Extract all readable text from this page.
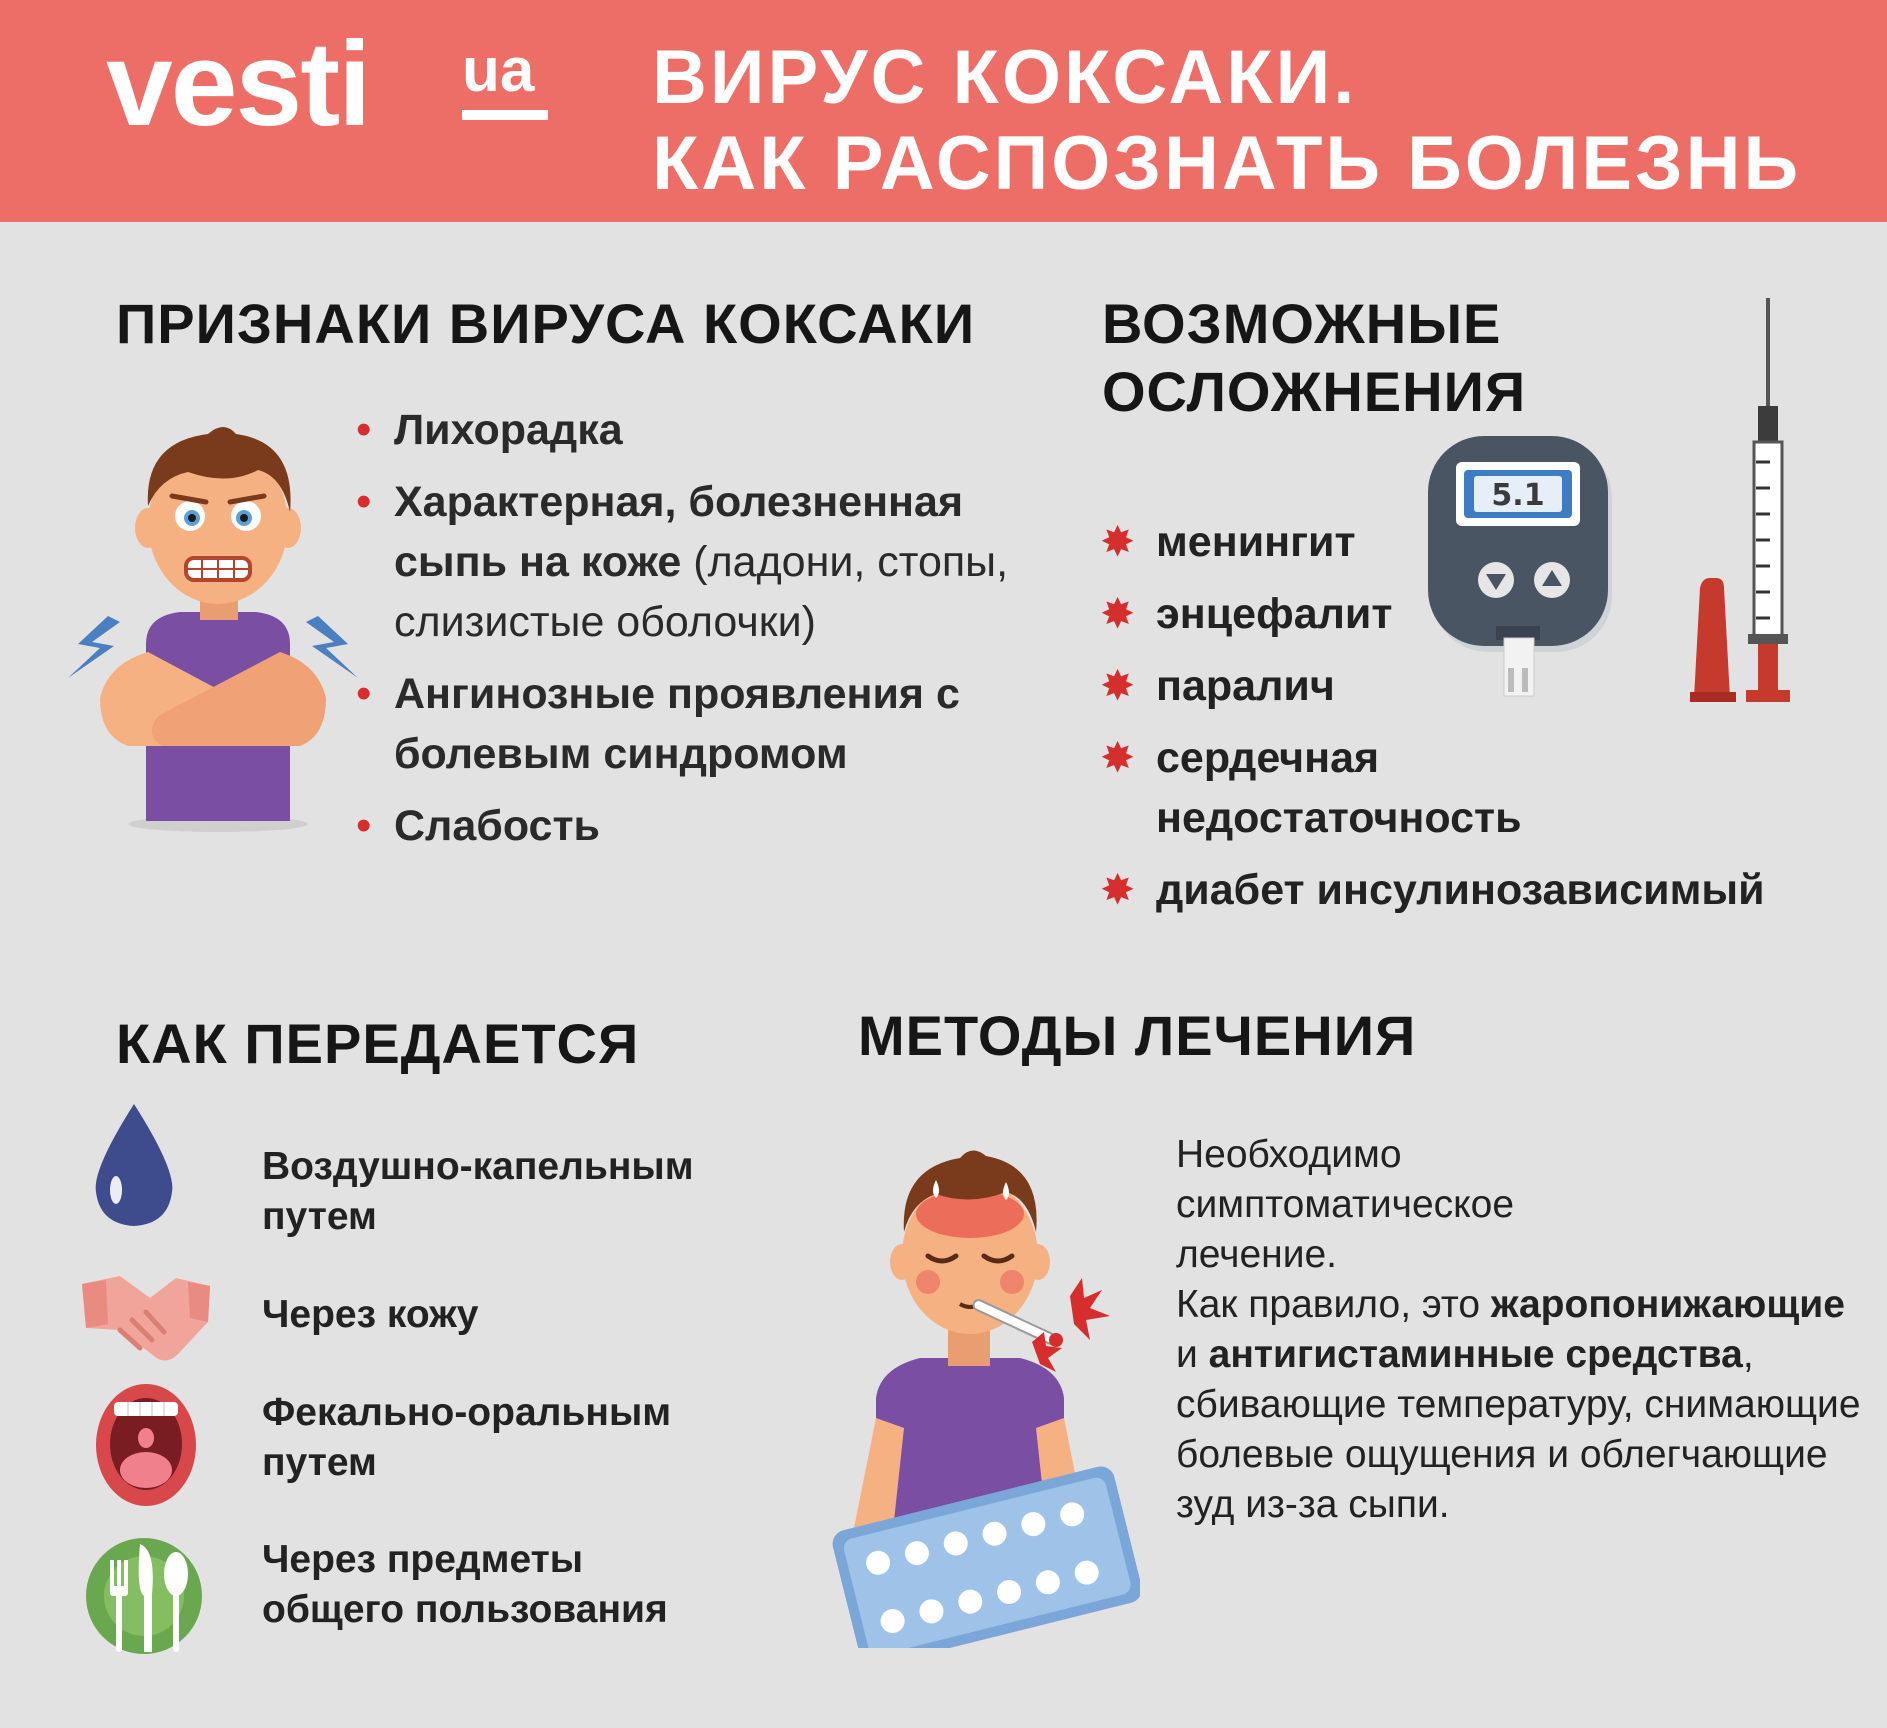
vesti ua ВИРУС КОКСАКИ.
КАК РАСПОЗНАТЬ БОЛЕЗНЬ
ПРИЗНАКИ ВИРУСА КОКСАКИ
• Лихорадка
• Характерная, болезненная сыпь на коже (ладони, стопы, слизистые оболочки)
• Ангинозные проявления с болевым синдромом
• Слабость
ВОЗМОЖНЫЕ
ОСЛОЖНЕНИЯ
5.1
✸ менингит
✸ энцефалит
✸ паралич
✸ сердечная недостаточность
✸ диабет инсулинозависимый
КАК ПЕРЕДАЕТСЯ
Воздушно-капельным путем
Через кожу
Фекально-оральным путем
Через предметы общего пользования
МЕТОДЫ ЛЕЧЕНИЯ
Необходимо симптоматическое лечение.
Как правило, это жаропонижающие и антигистаминные средства, сбивающие температуру, снимающие болевые ощущения и облегчающие зуд из-за сыпи.
